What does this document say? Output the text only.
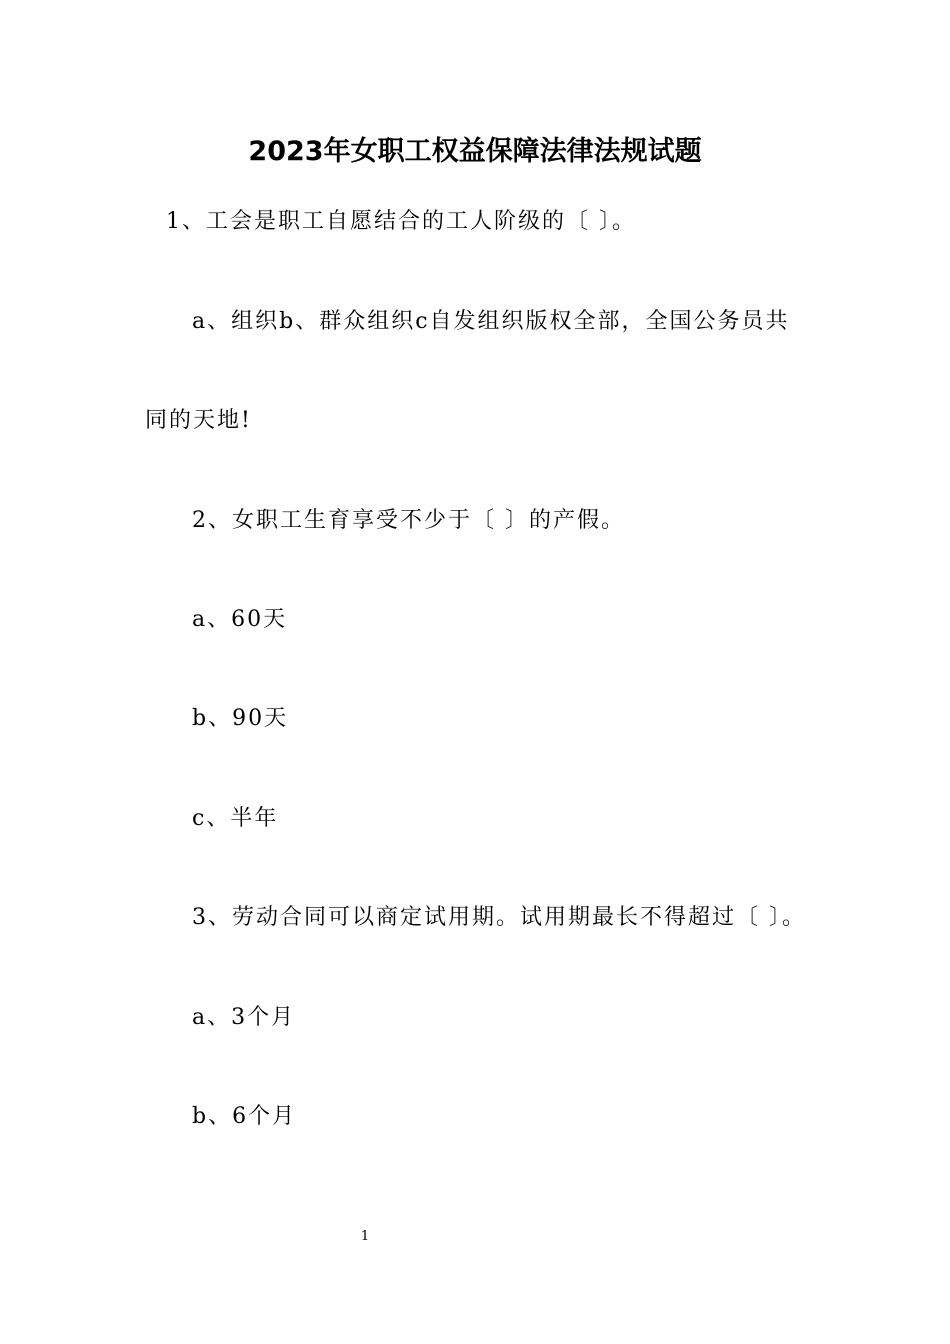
2023年女职工权益保障法律法规试题
1、工会是职工自愿结合的工人阶级的〔 〕。
a、组织b、群众组织c自发组织版权全部，全国公务员共
同的天地!
2、女职工生育享受不少于〔 〕的产假。
a、60天
b、90天
c、半年
3、劳动合同可以商定试用期。试用期最长不得超过〔 〕。
a、3个月
b、6个月
1
